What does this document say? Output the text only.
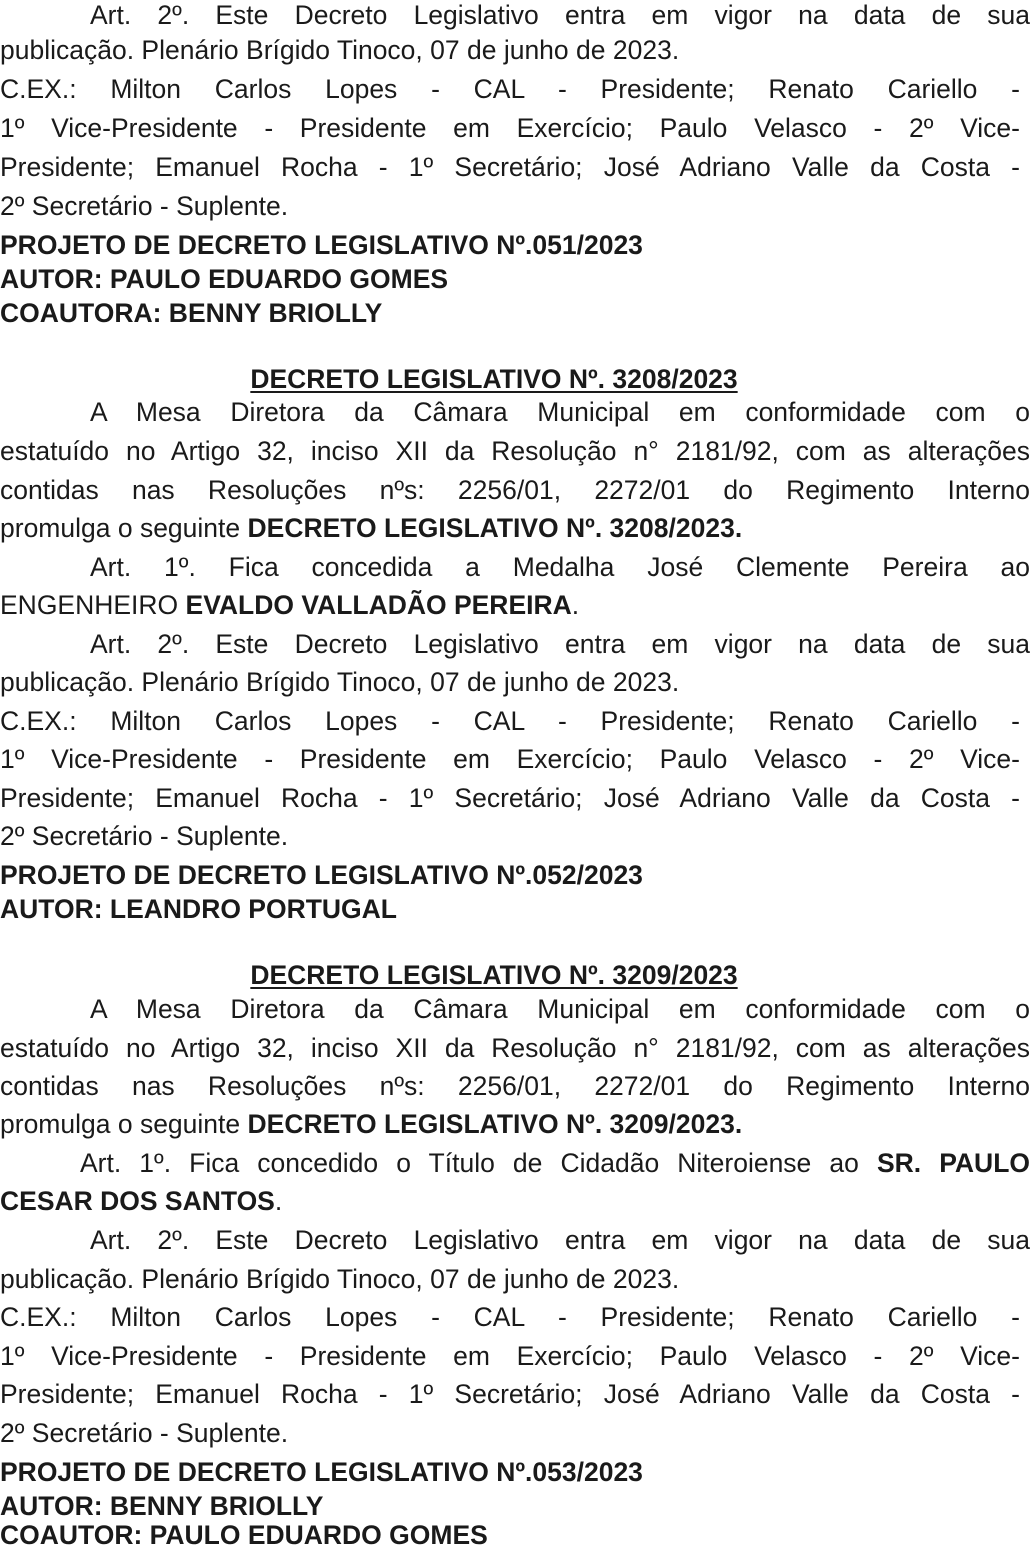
Art. 2º. Este Decreto Legislativo entra em vigor na data de sua
publicação. Plenário Brígido Tinoco, 07 de junho de 2023.
C.EX.: Milton Carlos Lopes - CAL - Presidente; Renato Cariello -
1º Vice-Presidente - Presidente em Exercício; Paulo Velasco - 2º Vice-
Presidente; Emanuel Rocha - 1º Secretário; José Adriano Valle da Costa -
2º Secretário - Suplente.
PROJETO DE DECRETO LEGISLATIVO Nº.051/2023
AUTOR: PAULO EDUARDO GOMES
COAUTORA: BENNY BRIOLLY
DECRETO LEGISLATIVO Nº. 3208/2023
A Mesa Diretora da Câmara Municipal em conformidade com o
estatuído no Artigo 32, inciso XII da Resolução n° 2181/92, com as alterações
contidas nas Resoluções nºs: 2256/01, 2272/01 do Regimento Interno
promulga o seguinte DECRETO LEGISLATIVO Nº. 3208/2023.
Art. 1º. Fica concedida a Medalha José Clemente Pereira ao
ENGENHEIRO EVALDO VALLADÃO PEREIRA.
Art. 2º. Este Decreto Legislativo entra em vigor na data de sua
publicação. Plenário Brígido Tinoco, 07 de junho de 2023.
C.EX.: Milton Carlos Lopes - CAL - Presidente; Renato Cariello -
1º Vice-Presidente - Presidente em Exercício; Paulo Velasco - 2º Vice-
Presidente; Emanuel Rocha - 1º Secretário; José Adriano Valle da Costa -
2º Secretário - Suplente.
PROJETO DE DECRETO LEGISLATIVO Nº.052/2023
AUTOR: LEANDRO PORTUGAL
DECRETO LEGISLATIVO Nº. 3209/2023
A Mesa Diretora da Câmara Municipal em conformidade com o
estatuído no Artigo 32, inciso XII da Resolução n° 2181/92, com as alterações
contidas nas Resoluções nºs: 2256/01, 2272/01 do Regimento Interno
promulga o seguinte DECRETO LEGISLATIVO Nº. 3209/2023.
Art. 1º. Fica concedido o Título de Cidadão Niteroiense ao SR. PAULO
CESAR DOS SANTOS.
Art. 2º. Este Decreto Legislativo entra em vigor na data de sua
publicação. Plenário Brígido Tinoco, 07 de junho de 2023.
C.EX.: Milton Carlos Lopes - CAL - Presidente; Renato Cariello -
1º Vice-Presidente - Presidente em Exercício; Paulo Velasco - 2º Vice-
Presidente; Emanuel Rocha - 1º Secretário; José Adriano Valle da Costa -
2º Secretário - Suplente.
PROJETO DE DECRETO LEGISLATIVO Nº.053/2023
AUTOR: BENNY BRIOLLY
COAUTOR: PAULO EDUARDO GOMES
